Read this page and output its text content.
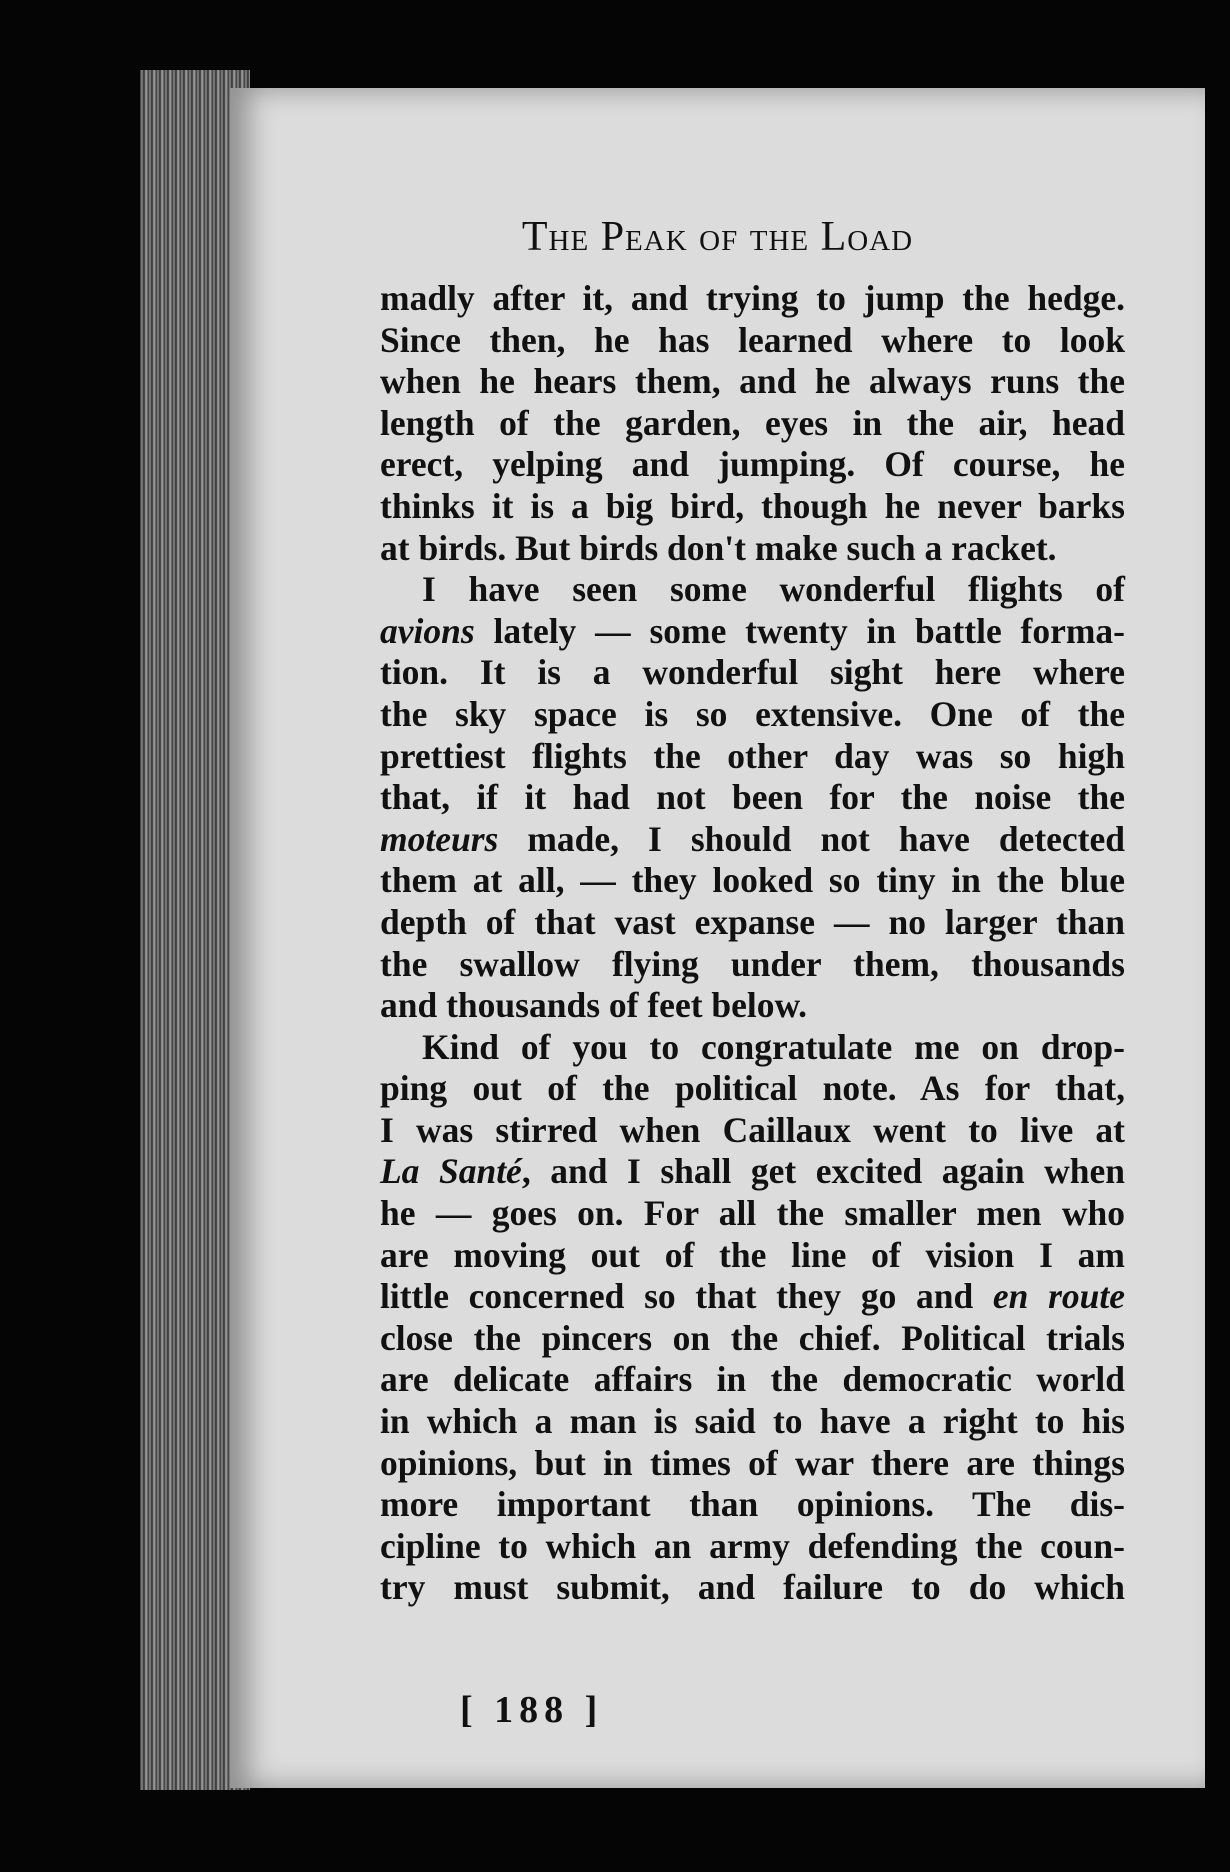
The Peak of the Load
madly after it, and trying to jump the hedge.
Since then, he has learned where to look
when he hears them, and he always runs the
length of the garden, eyes in the air, head
erect, yelping and jumping. Of course, he
thinks it is a big bird, though he never barks
at birds. But birds don't make such a racket.
I have seen some wonderful flights of
avions lately — some twenty in battle forma-
tion. It is a wonderful sight here where
the sky space is so extensive. One of the
prettiest flights the other day was so high
that, if it had not been for the noise the
moteurs made, I should not have detected
them at all, — they looked so tiny in the blue
depth of that vast expanse — no larger than
the swallow flying under them, thousands
and thousands of feet below.
Kind of you to congratulate me on drop-
ping out of the political note. As for that,
I was stirred when Caillaux went to live at
La Santé, and I shall get excited again when
he — goes on. For all the smaller men who
are moving out of the line of vision I am
little concerned so that they go and en route
close the pincers on the chief. Political trials
are delicate affairs in the democratic world
in which a man is said to have a right to his
opinions, but in times of war there are things
more important than opinions. The dis-
cipline to which an army defending the coun-
try must submit, and failure to do which
[ 188 ]
